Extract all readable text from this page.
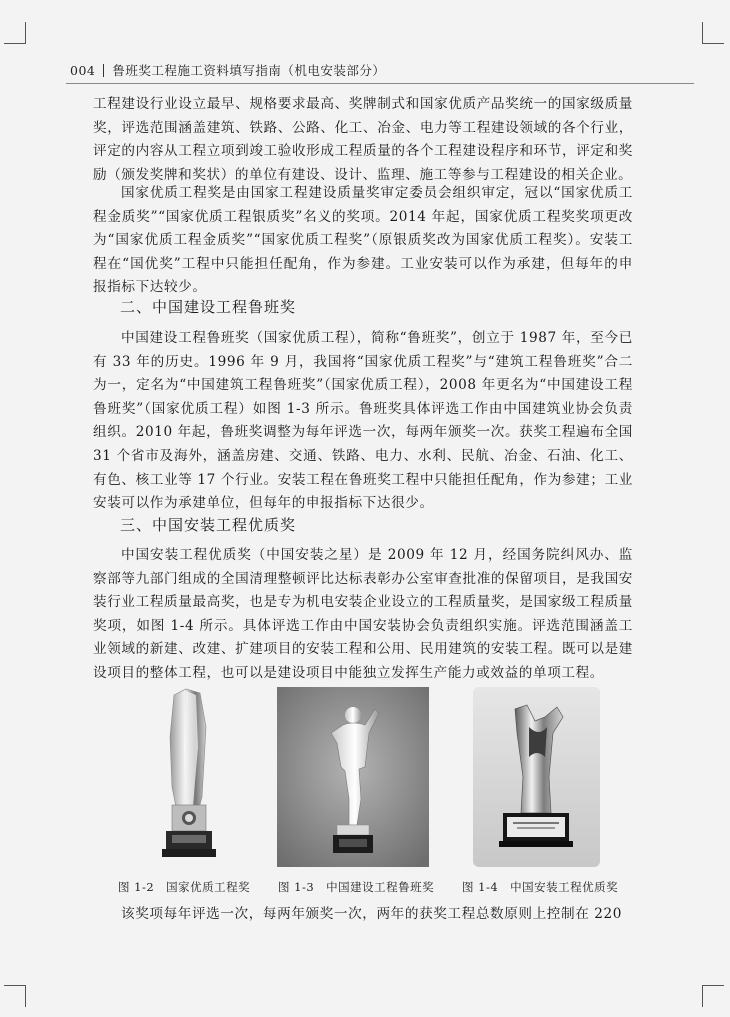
004 鲁班奖工程施工资料填写指南（机电安装部分）

工程建设行业设立最早、规格要求最高、奖牌制式和国家优质产品奖统一的国家级质量奖，评选范围涵盖建筑、铁路、公路、化工、冶金、电力等工程建设领域的各个行业，评定的内容从工程立项到竣工验收形成工程质量的各个工程建设程序和环节，评定和奖励（颁发奖牌和奖状）的单位有建设、设计、监理、施工等参与工程建设的相关企业。

国家优质工程奖是由国家工程建设质量奖审定委员会组织审定，冠以“国家优质工程金质奖”“国家优质工程银质奖”名义的奖项。2014 年起，国家优质工程奖奖项更改为“国家优质工程金质奖”“国家优质工程奖”（原银质奖改为国家优质工程奖）。安装工程在“国优奖”工程中只能担任配角，作为参建。工业安装可以作为承建，但每年的申报指标下达较少。

二、中国建设工程鲁班奖

中国建设工程鲁班奖（国家优质工程），简称“鲁班奖”，创立于 1987 年，至今已有 33 年的历史。1996 年 9 月，我国将“国家优质工程奖”与“建筑工程鲁班奖”合二为一，定名为“中国建筑工程鲁班奖”（国家优质工程），2008 年更名为“中国建设工程鲁班奖”（国家优质工程）如图 1-3 所示。鲁班奖具体评选工作由中国建筑业协会负责组织。2010 年起，鲁班奖调整为每年评选一次，每两年颁奖一次。获奖工程遍布全国 31 个省市及海外，涵盖房建、交通、铁路、电力、水利、民航、冶金、石油、化工、有色、核工业等 17 个行业。安装工程在鲁班奖工程中只能担任配角，作为参建；工业安装可以作为承建单位，但每年的申报指标下达很少。

三、中国安装工程优质奖

中国安装工程优质奖（中国安装之星）是 2009 年 12 月，经国务院纠风办、监察部等九部门组成的全国清理整顿评比达标表彰办公室审查批准的保留项目，是我国安装行业工程质量最高奖，也是专为机电安装企业设立的工程质量奖，是国家级工程质量奖项，如图 1-4 所示。具体评选工作由中国安装协会负责组织实施。评选范围涵盖工业领域的新建、改建、扩建项目的安装工程和公用、民用建筑的安装工程。既可以是建设项目的整体工程，也可以是建设项目中能独立发挥生产能力或效益的单项工程。

图 1-2　国家优质工程奖 图 1-3　中国建设工程鲁班奖 图 1-4　中国安装工程优质奖

该奖项每年评选一次，每两年颁奖一次，两年的获奖工程总数原则上控制在 220
